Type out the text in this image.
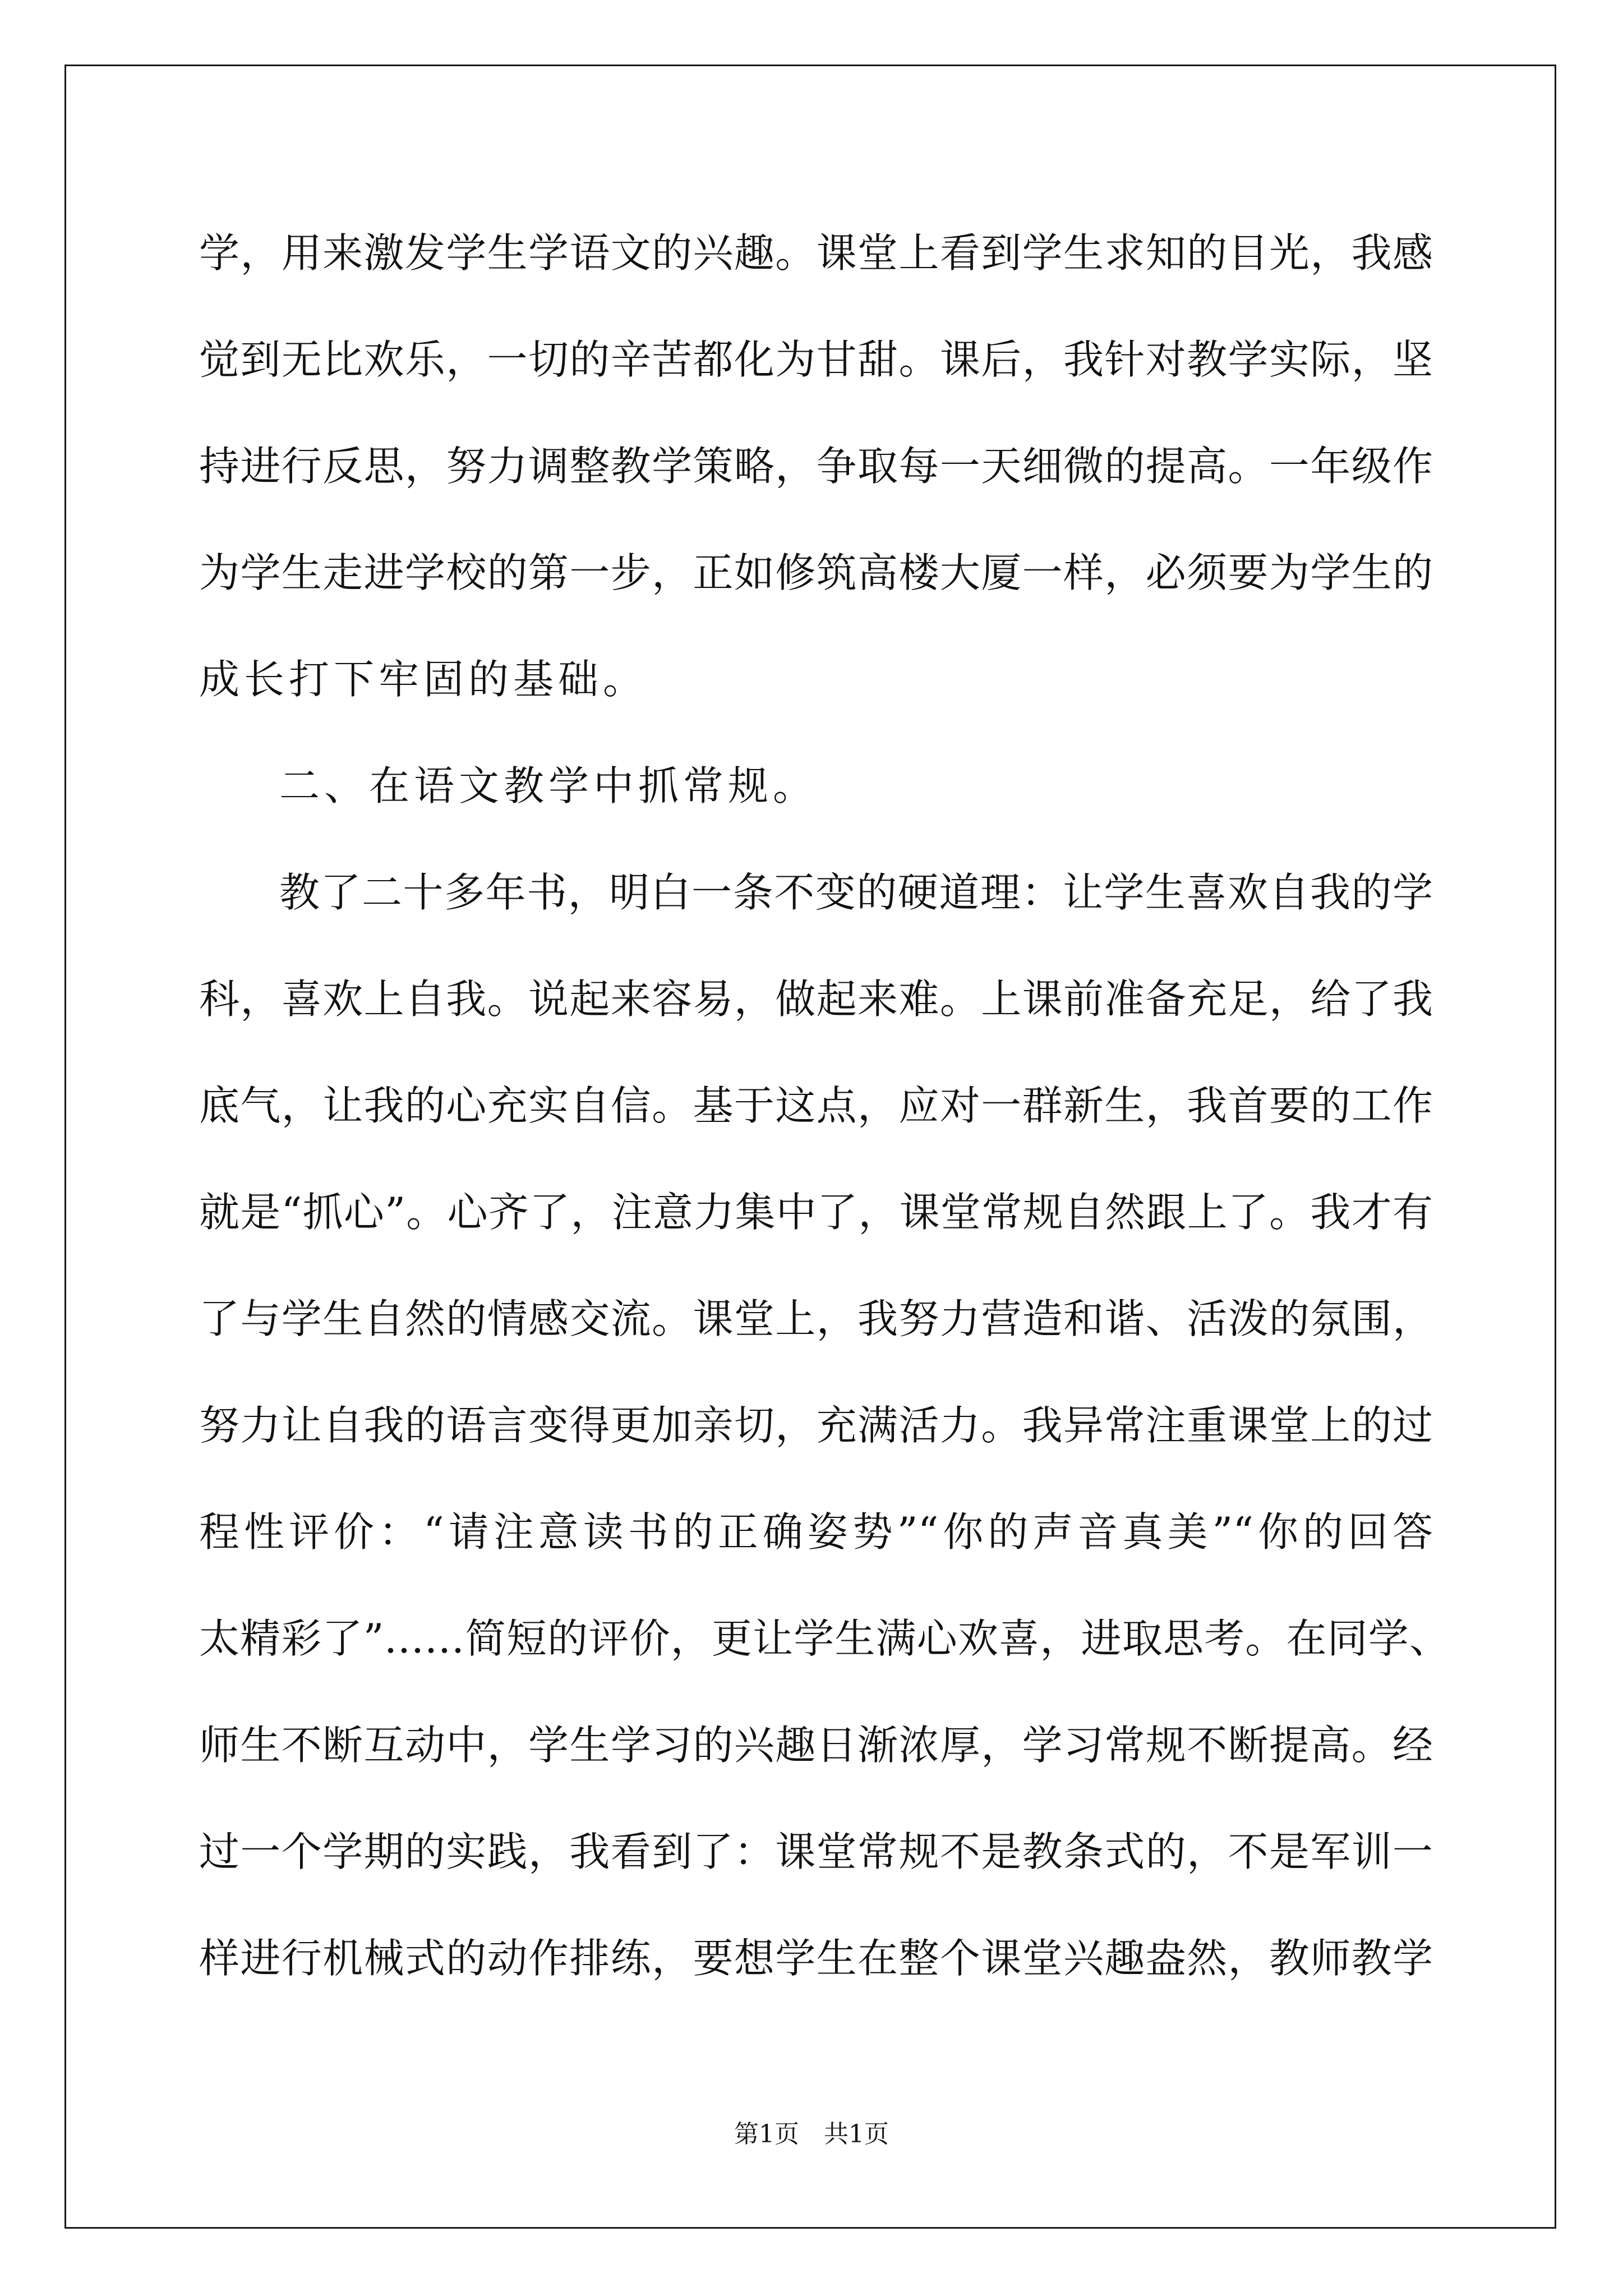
学，用来激发学生学语文的兴趣。课堂上看到学生求知的目光，我感
觉到无比欢乐，一切的辛苦都化为甘甜。课后，我针对教学实际，坚
持进行反思，努力调整教学策略，争取每一天细微的提高。一年级作
为学生走进学校的第一步，正如修筑高楼大厦一样，必须要为学生的
成长打下牢固的基础。
二、在语文教学中抓常规。
教了二十多年书，明白一条不变的硬道理：让学生喜欢自我的学
科，喜欢上自我。说起来容易，做起来难。上课前准备充足，给了我
底气，让我的心充实自信。基于这点，应对一群新生，我首要的工作
就是“抓心”。心齐了，注意力集中了，课堂常规自然跟上了。我才有
了与学生自然的情感交流。课堂上，我努力营造和谐、活泼的氛围，
努力让自我的语言变得更加亲切，充满活力。我异常注重课堂上的过
程性评价：“请注意读书的正确姿势”“你的声音真美”“你的回答
太精彩了”……简短的评价，更让学生满心欢喜，进取思考。在同学、
师生不断互动中，学生学习的兴趣日渐浓厚，学习常规不断提高。经
过一个学期的实践，我看到了：课堂常规不是教条式的，不是军训一
样进行机械式的动作排练，要想学生在整个课堂兴趣盎然，教师教学
第1页　共1页
